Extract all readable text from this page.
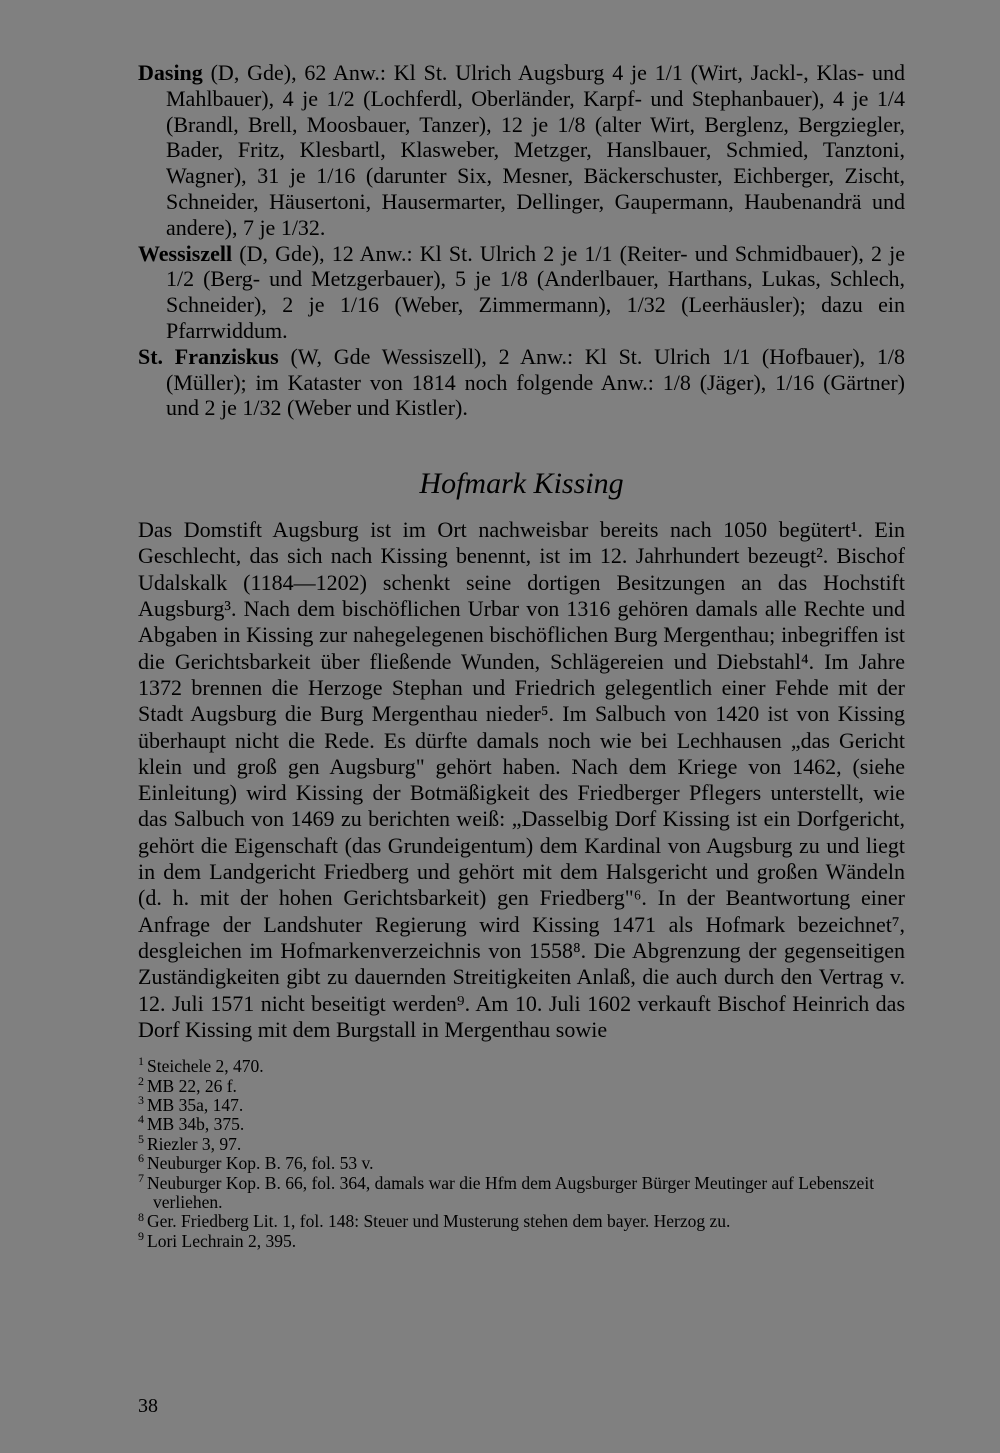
Dasing (D, Gde), 62 Anw.: Kl St. Ulrich Augsburg 4 je 1/1 (Wirt, Jackl-, Klas- und Mahlbauer), 4 je 1/2 (Lochferdl, Oberländer, Karpf- und Stephanbauer), 4 je 1/4 (Brandl, Brell, Moosbauer, Tanzer), 12 je 1/8 (alter Wirt, Berglenz, Bergziegler, Bader, Fritz, Klesbartl, Klasweber, Metzger, Hanslbauer, Schmied, Tanztoni, Wagner), 31 je 1/16 (darunter Six, Mesner, Bäckerschuster, Eichberger, Zischt, Schneider, Häusertoni, Hausermarter, Dellinger, Gaupermann, Haubenandrä und andere), 7 je 1/32.

Wessiszell (D, Gde), 12 Anw.: Kl St. Ulrich 2 je 1/1 (Reiter- und Schmidbauer), 2 je 1/2 (Berg- und Metzgerbauer), 5 je 1/8 (Anderlbauer, Harthans, Lukas, Schlech, Schneider), 2 je 1/16 (Weber, Zimmermann), 1/32 (Leerhäusler); dazu ein Pfarrwiddum.

St. Franziskus (W, Gde Wessiszell), 2 Anw.: Kl St. Ulrich 1/1 (Hofbauer), 1/8 (Müller); im Kataster von 1814 noch folgende Anw.: 1/8 (Jäger), 1/16 (Gärtner) und 2 je 1/32 (Weber und Kistler).

Hofmark Kissing

Das Domstift Augsburg ist im Ort nachweisbar bereits nach 1050 begütert¹. Ein Geschlecht, das sich nach Kissing benennt, ist im 12. Jahrhundert bezeugt². Bischof Udalskalk (1184—1202) schenkt seine dortigen Besitzungen an das Hochstift Augsburg³. Nach dem bischöflichen Urbar von 1316 gehören damals alle Rechte und Abgaben in Kissing zur nahegelegenen bischöflichen Burg Mergenthau; inbegriffen ist die Gerichtsbarkeit über fließende Wunden, Schlägereien und Diebstahl⁴. Im Jahre 1372 brennen die Herzoge Stephan und Friedrich gelegentlich einer Fehde mit der Stadt Augsburg die Burg Mergenthau nieder⁵. Im Salbuch von 1420 ist von Kissing überhaupt nicht die Rede. Es dürfte damals noch wie bei Lechhausen „das Gericht klein und groß gen Augsburg" gehört haben. Nach dem Kriege von 1462, (siehe Einleitung) wird Kissing der Botmäßigkeit des Friedberger Pflegers unterstellt, wie das Salbuch von 1469 zu berichten weiß: „Dasselbig Dorf Kissing ist ein Dorfgericht, gehört die Eigenschaft (das Grundeigentum) dem Kardinal von Augsburg zu und liegt in dem Landgericht Friedberg und gehört mit dem Halsgericht und großen Wändeln (d. h. mit der hohen Gerichtsbarkeit) gen Friedberg"⁶. In der Beantwortung einer Anfrage der Landshuter Regierung wird Kissing 1471 als Hofmark bezeichnet⁷, desgleichen im Hofmarkenverzeichnis von 1558⁸. Die Abgrenzung der gegenseitigen Zuständigkeiten gibt zu dauernden Streitigkeiten Anlaß, die auch durch den Vertrag v. 12. Juli 1571 nicht beseitigt werden⁹. Am 10. Juli 1602 verkauft Bischof Heinrich das Dorf Kissing mit dem Burgstall in Mergenthau sowie

$^1$ Steichele 2, 470.

$^2$ MB 22, 26 f.

$^3$ MB 35a, 147.

$^4$ MB 34b, 375.

$^5$ Riezler 3, 97.

$^6$ Neuburger Kop. B. 76, fol. 53 v.

$^7$ Neuburger Kop. B. 66, fol. 364, damals war die Hfm dem Augsburger Bürger Meutinger auf Lebenszeit verliehen.

$^8$ Ger. Friedberg Lit. 1, fol. 148: Steuer und Musterung stehen dem bayer. Herzog zu.

$^9$ Lori Lechrain 2, 395.

38
